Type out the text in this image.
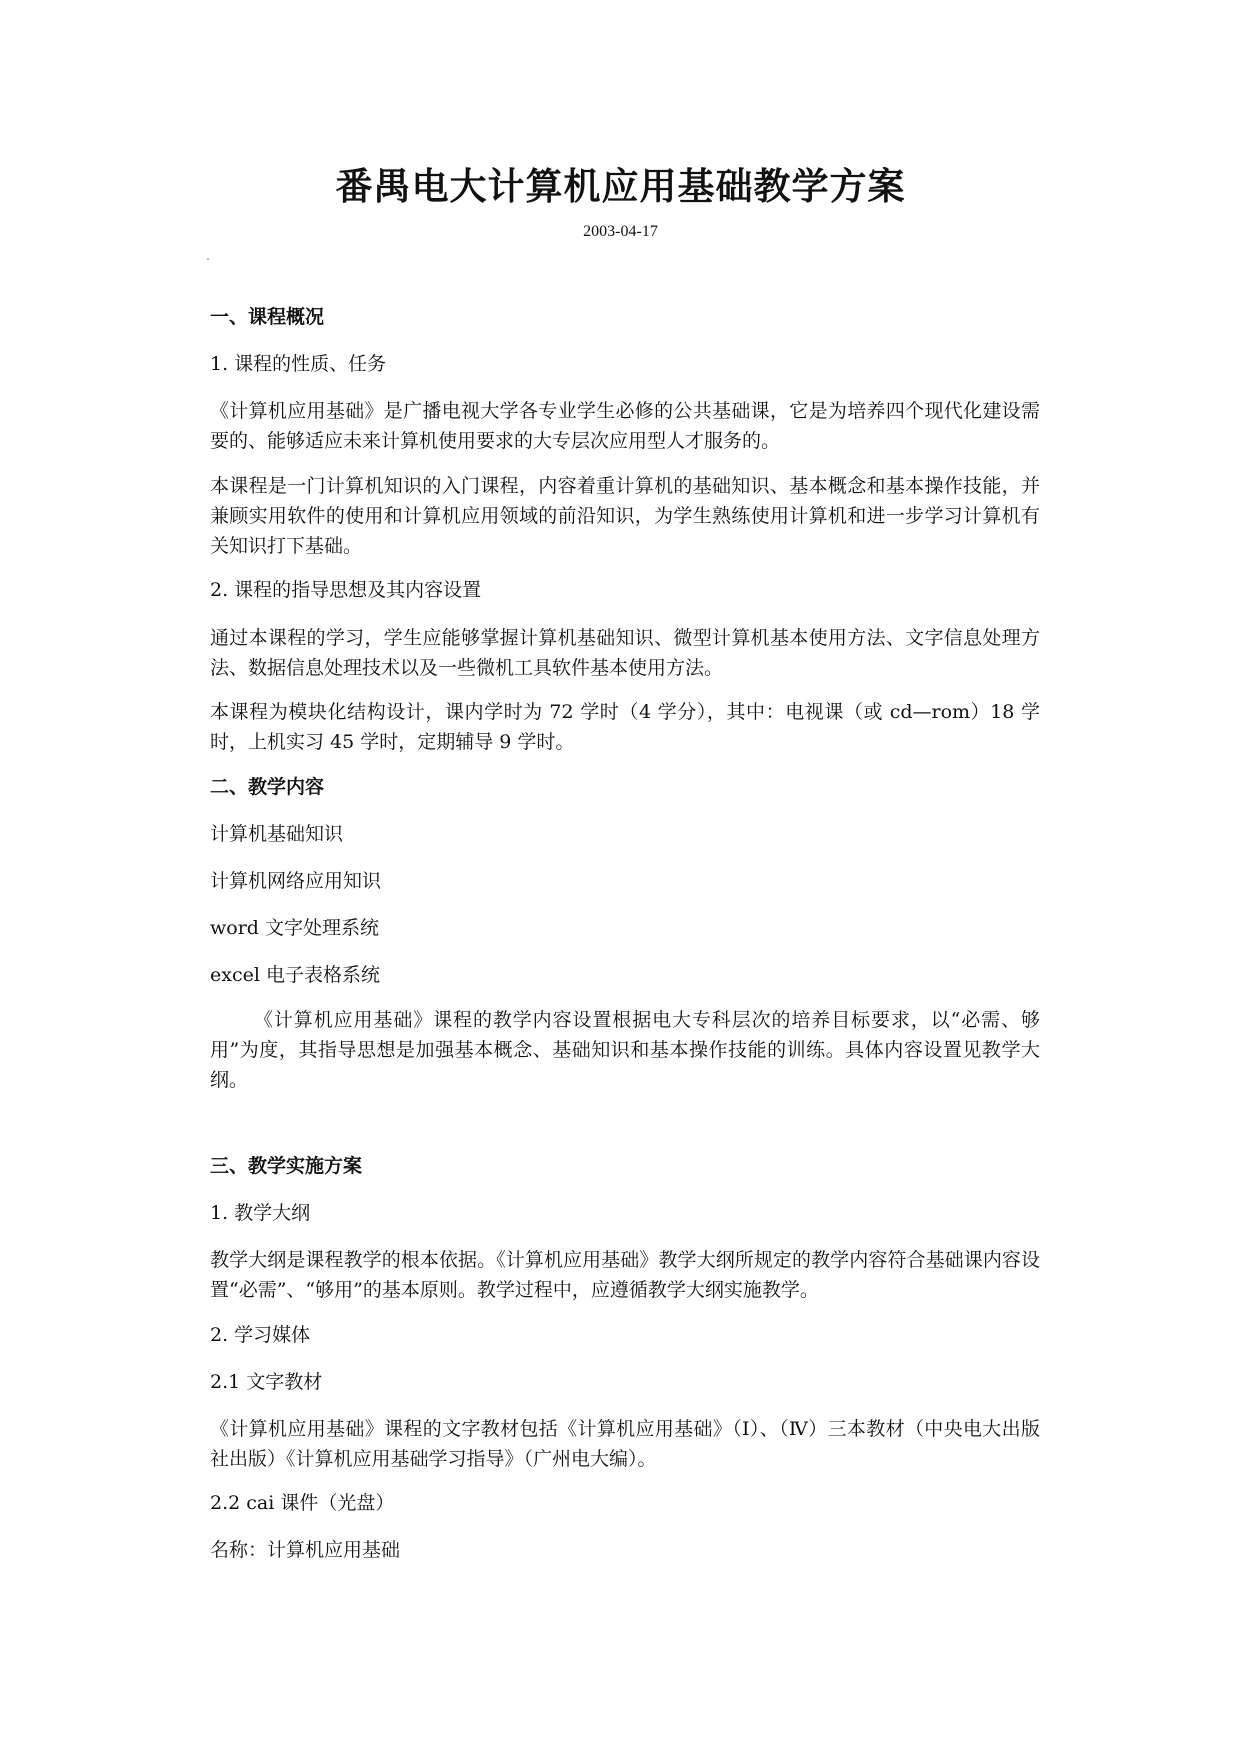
番禺电大计算机应用基础教学方案
2003-04-17

一、课程概况

1. 课程的性质、任务

《计算机应用基础》是广播电视大学各专业学生必修的公共基础课，它是为培养四个现代化建设需要的、能够适应未来计算机使用要求的大专层次应用型人才服务的。

本课程是一门计算机知识的入门课程，内容着重计算机的基础知识、基本概念和基本操作技能，并兼顾实用软件的使用和计算机应用领域的前沿知识，为学生熟练使用计算机和进一步学习计算机有关知识打下基础。

2. 课程的指导思想及其内容设置

通过本课程的学习，学生应能够掌握计算机基础知识、微型计算机基本使用方法、文字信息处理方法、数据信息处理技术以及一些微机工具软件基本使用方法。

本课程为模块化结构设计，课内学时为 72 学时（4 学分），其中：电视课（或 cd—rom）18 学时，上机实习 45 学时，定期辅导 9 学时。

二、教学内容

计算机基础知识

计算机网络应用知识

word 文字处理系统

excel 电子表格系统

《计算机应用基础》课程的教学内容设置根据电大专科层次的培养目标要求，以“必需、够用”为度，其指导思想是加强基本概念、基础知识和基本操作技能的训练。具体内容设置见教学大纲。

三、教学实施方案

1. 教学大纲

教学大纲是课程教学的根本依据。《计算机应用基础》教学大纲所规定的教学内容符合基础课内容设置“必需”、“够用”的基本原则。教学过程中，应遵循教学大纲实施教学。

2. 学习媒体

2.1 文字教材

《计算机应用基础》课程的文字教材包括《计算机应用基础》（Ⅰ）、（Ⅳ）三本教材（中央电大出版社出版）《计算机应用基础学习指导》（广州电大编）。

2.2 cai 课件（光盘）

名称：计算机应用基础
